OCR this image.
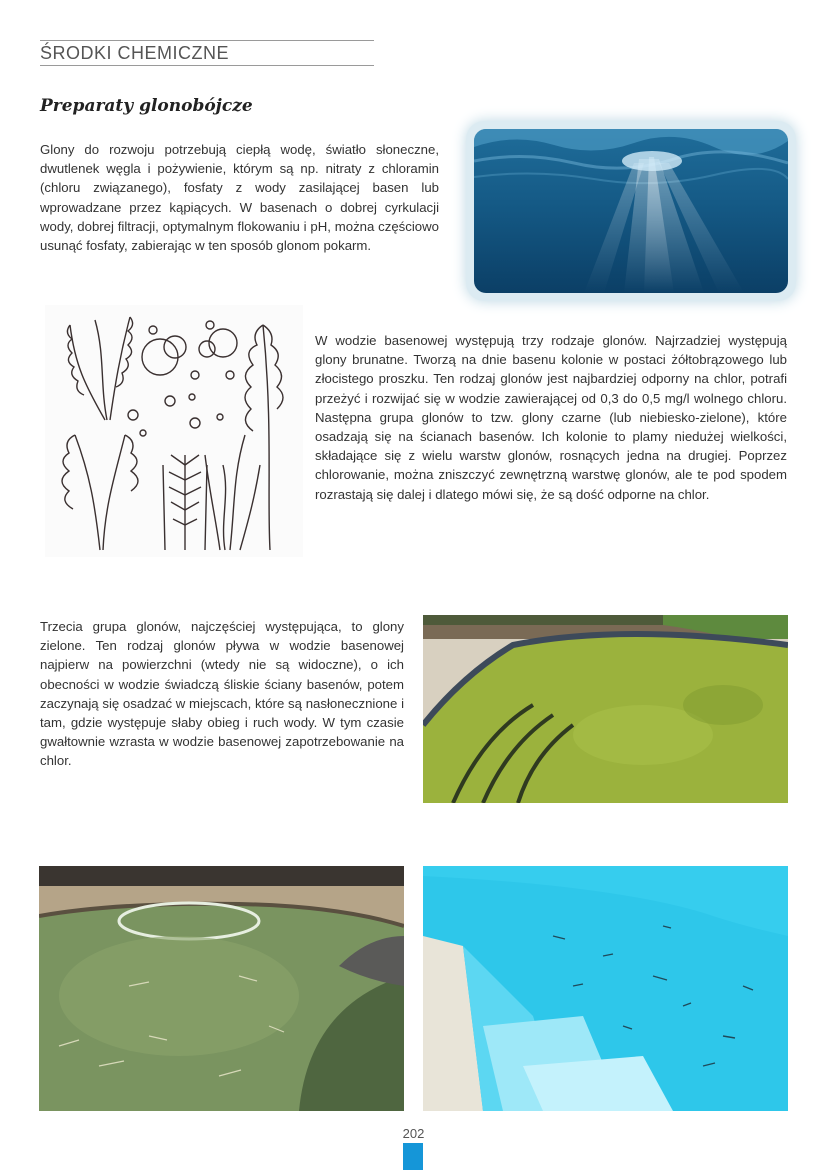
ŚRODKI CHEMICZNE
Preparaty glonobójcze

Glony do rozwoju potrzebują ciepłą wodę, światło słoneczne, dwutlenek węgla i pożywienie, którym są np. nitraty z chloramin (chloru związanego), fosfaty z wody zasilającej basen lub wprowadzane przez kąpiących. W basenach o dobrej cyrkulacji wody, dobrej filtracji, optymalnym flokowaniu i pH, można częściowo usunąć fosfaty, zabierając w ten sposób glonom pokarm.

W wodzie basenowej występują trzy rodzaje glonów. Najrzadziej występują glony brunatne. Tworzą na dnie basenu kolonie w postaci żółtobrązowego lub złocistego proszku. Ten rodzaj glonów jest najbardziej odporny na chlor, potrafi przeżyć i rozwijać się w wodzie zawierającej od 0,3 do 0,5 mg/l wolnego chloru. Następna grupa glonów to tzw. glony czarne (lub niebiesko-zielone), które osadzają się na ścianach basenów. Ich kolonie to plamy niedużej wielkości, składające się z wielu warstw glonów, rosnących jedna na drugiej. Poprzez chlorowanie, można zniszczyć zewnętrzną warstwę glonów, ale te pod spodem rozrastają się dalej i dlatego mówi się, że są dość odporne na chlor.

Trzecia grupa glonów, najczęściej występująca, to glony zielone. Ten rodzaj glonów pływa w wodzie basenowej najpierw na powierzchni (wtedy nie są widoczne), o ich obecności w wodzie świadczą śliskie ściany basenów, potem zaczynają się osadzać w miejscach, które są nasłonecznione i tam, gdzie występuje słaby obieg i ruch wody. W tym czasie gwałtownie wzrasta w wodzie basenowej zapotrzebowanie na chlor.

202
